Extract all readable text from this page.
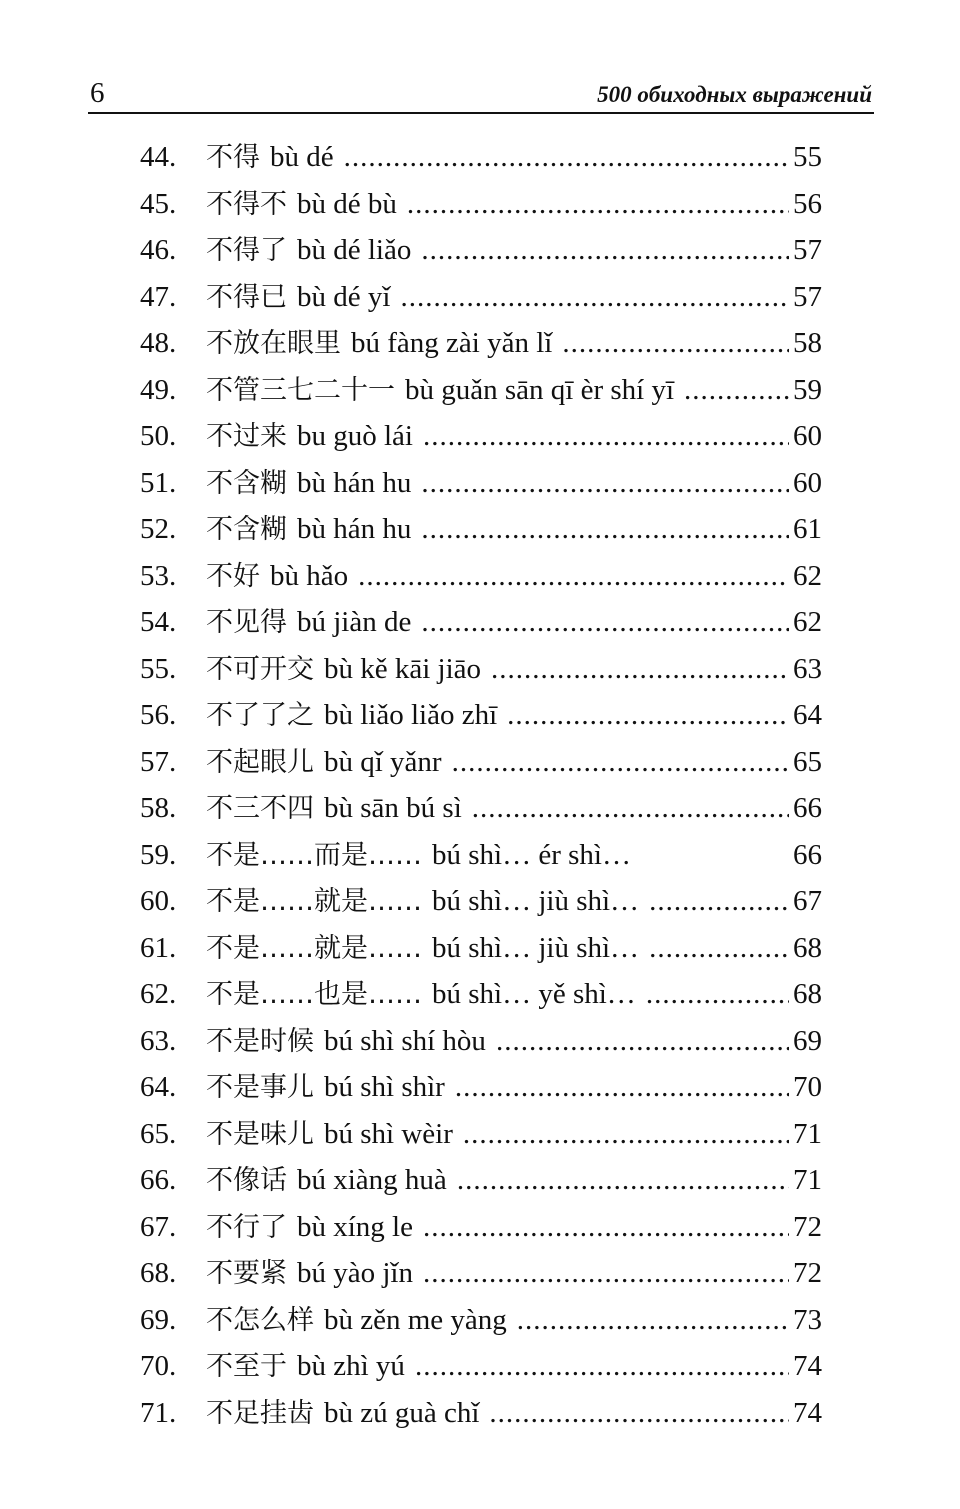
6	500 обиходных выражений
44.	不得 bù dé .....	55
45.	不得不 bù dé bù .....	56
46.	不得了 bù dé liǎo .....	57
47.	不得已 bù dé yǐ .....	57
48.	不放在眼里 bú fàng zài yǎn lǐ .....	58
49.	不管三七二十一 bù guǎn sān qī èr shí yī .....	59
50.	不过来 bu guò lái .....	60
51.	不含糊 bù hán hu .....	60
52.	不含糊 bù hán hu .....	61
53.	不好 bù hǎo .....	62
54.	不见得 bú jiàn de .....	62
55.	不可开交 bù kě kāi jiāo .....	63
56.	不了了之 bù liǎo liǎo zhī .....	64
57.	不起眼儿 bù qǐ yǎnr .....	65
58.	不三不四 bù sān bú sì .....	66
59.	不是……而是…… bú shì… ér shì…	66
60.	不是……就是…… bú shì… jiù shì… .....	67
61.	不是……就是…… bú shì… jiù shì… .....	68
62.	不是……也是…… bú shì… yě shì… .....	68
63.	不是时候 bú shì shí hòu .....	69
64.	不是事儿 bú shì shìr .....	70
65.	不是味儿 bú shì wèir .....	71
66.	不像话 bú xiàng huà .....	71
67.	不行了 bù xíng le .....	72
68.	不要紧 bú yào jǐn .....	72
69.	不怎么样 bù zěn me yàng .....	73
70.	不至于 bù zhì yú .....	74
71.	不足挂齿 bù zú guà chǐ .....	74
